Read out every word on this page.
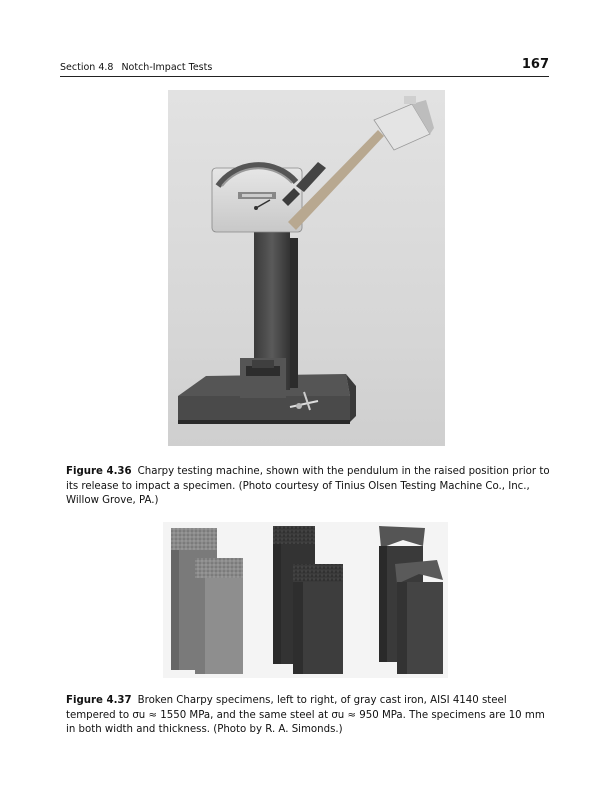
Section 4.8 Notch-Impact Tests	167
Figure 4.36 Charpy testing machine, shown with the pendulum in the raised position prior to its release to impact a specimen. (Photo courtesy of Tinius Olsen Testing Machine Co., Inc., Willow Grove, PA.)
Figure 4.37 Broken Charpy specimens, left to right, of gray cast iron, AISI 4140 steel tempered to σu ≈ 1550 MPa, and the same steel at σu ≈ 950 MPa. The specimens are 10 mm in both width and thickness. (Photo by R. A. Simonds.)
